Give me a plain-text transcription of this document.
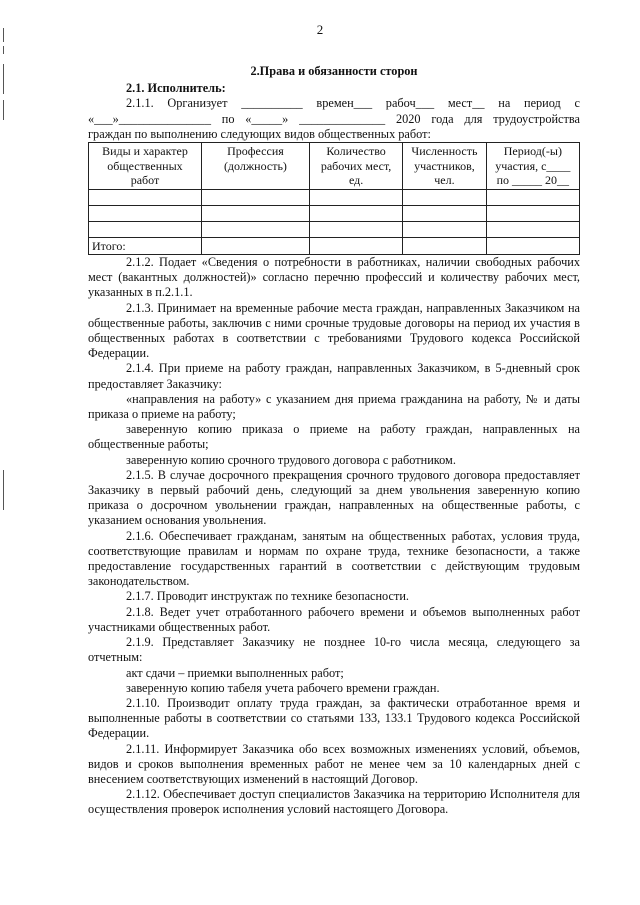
2
2.Права и обязанности сторон
2.1. Исполнитель:

2.1.1. Организует __________ времен___ рабоч___ мест__ на период с

«___»_______________ по «_____» ______________ 2020 года для трудоустройства

граждан по выполнению следующих видов общественных работ:

Виды и характер общественных работ	Профессия (должность)	Количество рабочих мест, ед.	Численность участников, чел.	Период(-ы) участия, с____ по _____ 20__

Итого:				

2.1.2. Подает «Сведения о потребности в работниках, наличии свободных рабочих мест (вакантных должностей)» согласно перечню профессий и количеству рабочих мест, указанных в п.2.1.1.

2.1.3. Принимает на временные рабочие места граждан, направленных Заказчиком на общественные работы, заключив с ними срочные трудовые договоры на период их участия в общественных работах в соответствии с требованиями Трудового кодекса Российской Федерации.

2.1.4. При приеме на работу граждан, направленных Заказчиком, в 5-дневный срок предоставляет Заказчику:

«направления на работу» с указанием дня приема гражданина на работу, № и даты приказа о приеме на работу;

заверенную копию приказа о приеме на работу граждан, направленных на общественные работы;

заверенную копию срочного трудового договора с работником.

2.1.5. В случае досрочного прекращения срочного трудового договора предоставляет Заказчику в первый рабочий день, следующий за днем увольнения заверенную копию приказа о досрочном увольнении граждан, направленных на общественные работы, с указанием основания увольнения.

2.1.6. Обеспечивает гражданам, занятым на общественных работах, условия труда, соответствующие правилам и нормам по охране труда, технике безопасности, а также предоставление государственных гарантий в соответствии с действующим трудовым законодательством.

2.1.7. Проводит инструктаж по технике безопасности.

2.1.8. Ведет учет отработанного рабочего времени и объемов выполненных работ участниками общественных работ.

2.1.9. Представляет Заказчику не позднее 10-го числа месяца, следующего за отчетным:

акт сдачи – приемки выполненных работ;

заверенную копию табеля учета рабочего времени граждан.

2.1.10. Производит оплату труда граждан, за фактически отработанное время и выполненные работы в соответствии со статьями 133, 133.1 Трудового кодекса Российской Федерации.

2.1.11. Информирует Заказчика обо всех возможных изменениях условий, объемов, видов и сроков выполнения временных работ не менее чем за 10 календарных дней с внесением соответствующих изменений в настоящий Договор.

2.1.12. Обеспечивает доступ специалистов Заказчика на территорию Исполнителя для осуществления проверок исполнения условий настоящего Договора.
